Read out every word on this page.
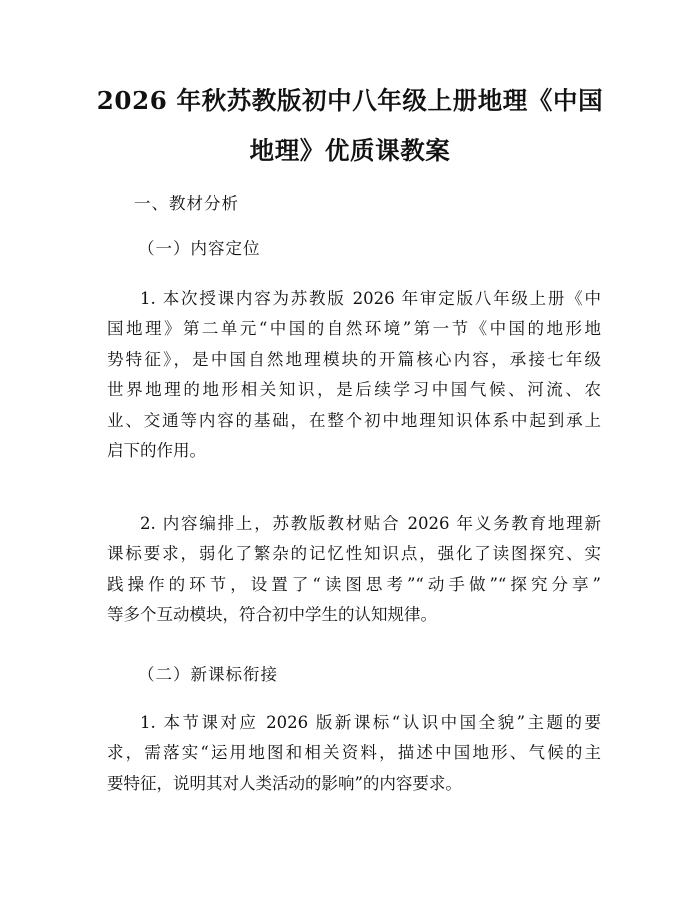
2026 年秋苏教版初中八年级上册地理《中国
地理》优质课教案
一、教材分析
（一）内容定位
1. 本次授课内容为苏教版 2026 年审定版八年级上册《中
国地理》第二单元“中国的自然环境”第一节《中国的地形地
势特征》，是中国自然地理模块的开篇核心内容，承接七年级
世界地理的地形相关知识，是后续学习中国气候、河流、农
业、交通等内容的基础，在整个初中地理知识体系中起到承上
启下的作用。
2. 内容编排上，苏教版教材贴合 2026 年义务教育地理新
课标要求，弱化了繁杂的记忆性知识点，强化了读图探究、实
践操作的环节，设置了“读图思考”“动手做”“探究分享”
等多个互动模块，符合初中学生的认知规律。
（二）新课标衔接
1. 本节课对应 2026 版新课标“认识中国全貌”主题的要
求，需落实“运用地图和相关资料，描述中国地形、气候的主
要特征，说明其对人类活动的影响”的内容要求。
